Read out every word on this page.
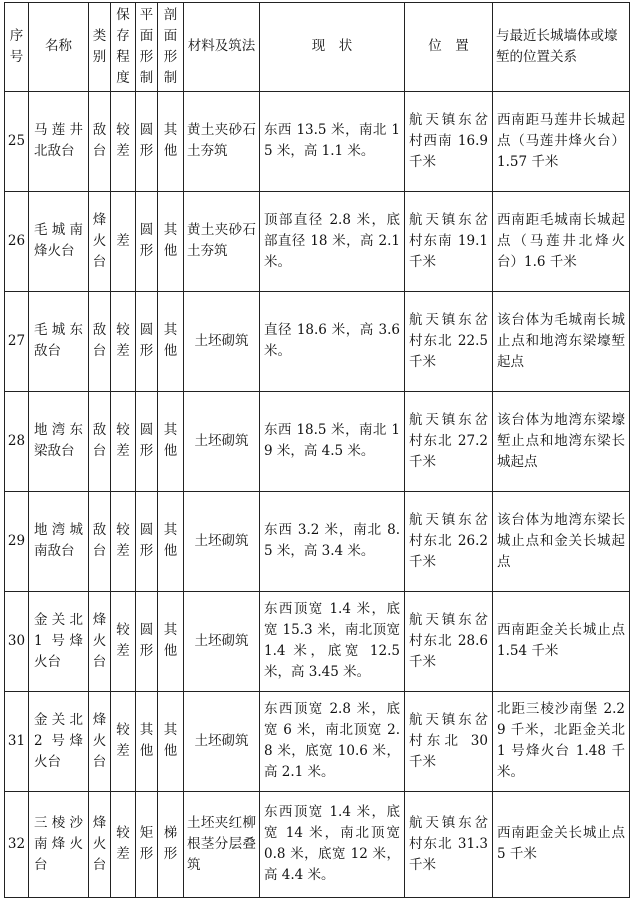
序号	名称	类别	保存程度	平面形制	剖面形制	材料及筑法	现　状	位　置	与最近长城墙体或壕堑的位置关系
25	马莲井北敌台	敌台	较差	圆形	其他	黄土夹砂石土夯筑	东西 13.5 米，南北 15 米，高 1.1 米。	航天镇东岔村西南 16.9 千米	西南距马莲井长城起点（马莲井烽火台）1.57 千米
26	毛城南烽火台	烽火台	差	圆形	其他	黄土夹砂石土夯筑	顶部直径 2.8 米，底部直径 18 米，高 2.1 米。	航天镇东岔村东南 19.1 千米	西南距毛城南长城起点（马莲井北烽火台）1.6 千米
27	毛城东敌台	敌台	较差	圆形	其他	土坯砌筑	直径 18.6 米，高 3.6 米。	航天镇东岔村东北 22.5 千米	该台体为毛城南长城止点和地湾东梁壕堑起点
28	地湾东梁敌台	敌台	较差	圆形	其他	土坯砌筑	东西 18.5 米，南北 19 米，高 4.5 米。	航天镇东岔村东北 27.2 千米	该台体为地湾东梁壕堑止点和地湾东梁长城起点
29	地湾城南敌台	敌台	较差	圆形	其他	土坯砌筑	东西 3.2 米，南北 8.5 米，高 3.4 米。	航天镇东岔村东北 26.2 千米	该台体为地湾东梁长城止点和金关长城起点
30	金关北 1 号烽火台	烽火台	较差	圆形	其他	土坯砌筑	东西顶宽 1.4 米，底宽 15.3 米，南北顶宽 1.4 米，底宽 12.5 米，高 3.45 米。	航天镇东岔村东北 28.6 千米	西南距金关长城止点 1.54 千米
31	金关北2 号烽火台	烽火台	较差	其他	其他	土坯砌筑	东西顶宽 2.8 米，底宽 6 米，南北顶宽 2.8 米，底宽 10.6 米，高 2.1 米。	航天镇东岔村东北 30 千米	北距三棱沙南堡 2.29 千米，北距金关北 1 号烽火台 1.48 千米。
32	三棱沙南烽火台	烽火台	较差	矩形	梯形	土坯夹红柳根茎分层叠筑	东西顶宽 1.4 米，底宽 14 米，南北顶宽 0.8 米，底宽 12 米，高 4.4 米。	航天镇东岔村东北 31.3 千米	西南距金关长城止点 5 千米
